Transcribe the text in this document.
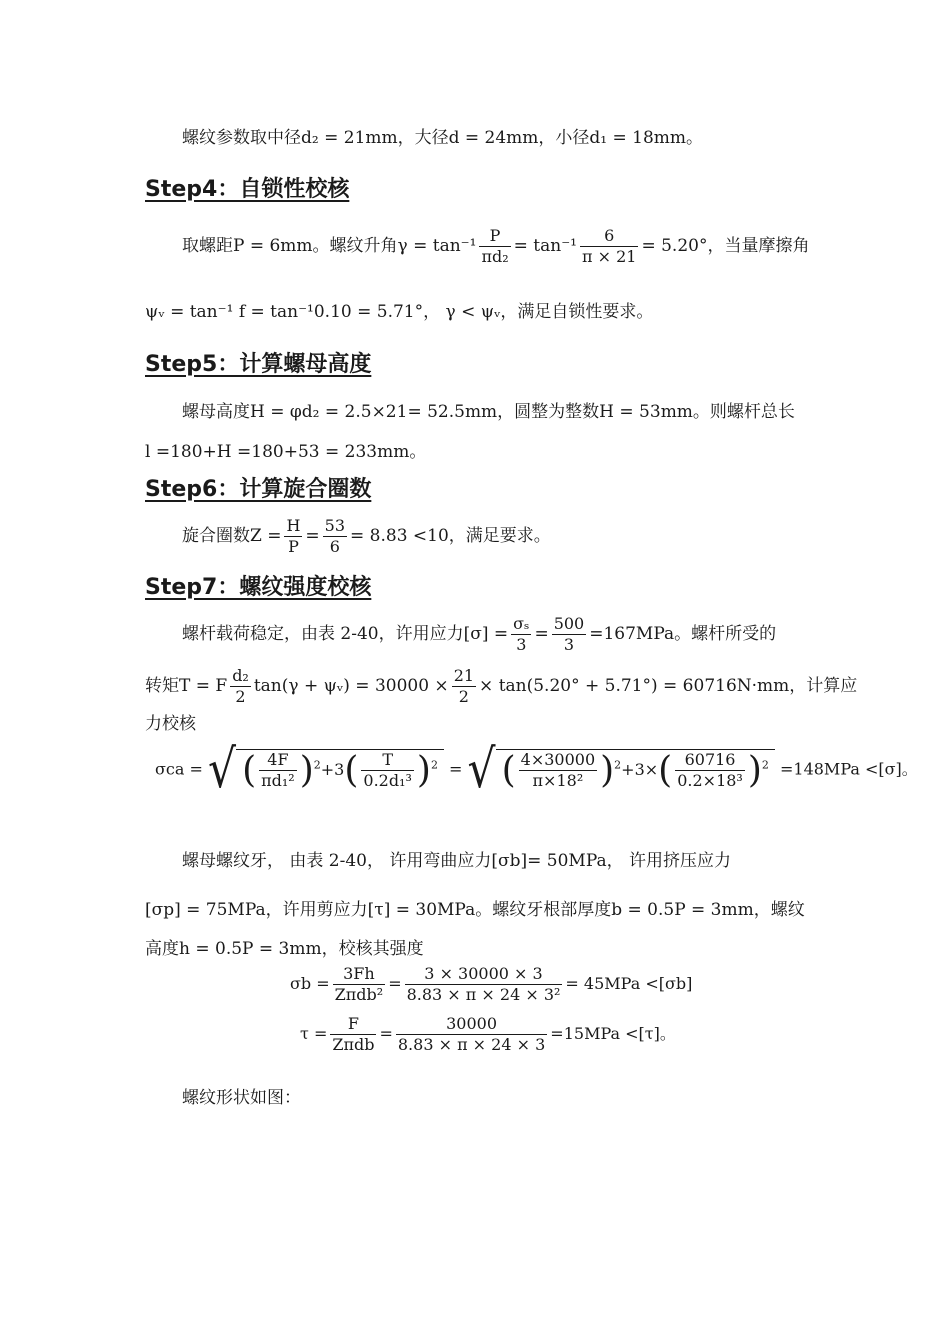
螺纹参数取中径d₂ = 21mm，大径d = 24mm，小径d₁ = 18mm。
Step4：自锁性校核
取螺距P = 6mm。螺纹升角$\gamma = \tan^{-1} \frac{P}{\text{πd₂}} = \tan^{-1} \frac{6}{\pi \times 21} = 5.20^\circ$，当量摩擦角
ψᵥ = tan⁻¹ f = tan⁻¹0.10 = 5.71°， γ < ψᵥ，满足自锁性要求。
Step5：计算螺母高度
螺母高度H = φd₂ = 2.5×21= 52.5mm，圆整为整数H = 53mm。则螺杆总长
l =180+H =180+53 = 233mm。
Step6：计算旋合圈数
旋合圈数$Z = \frac{H}{P} = \frac{53}{6} = 8.83 <10$，满足要求。
Step7：螺纹强度校核
螺杆载荷稳定，由表 2-40，许用应力$[\sigma] = \frac{\text{σₛ}}{3} = \frac{500}{3} =167MPa$。螺杆所受的
转矩T = F $\frac{\text{d₂}}{2} \tan(\gamma$ + ψᵥ) = $30000 \times \frac{21}{2} \times \tan(5.20^\circ + 5.71^\circ) = 60716N\cdot mm$，计算应
力校核
σca = √ ( $\frac{4F}{\text{πd₁²}} )^2+3( \frac{T}{\text{0.2d₁³}} )^2$ = √ ( $\frac{4\times 30000}{\text{π×18²}} )^2+3\times( \frac{60716}{\text{0.2×18³}} )^2 =148MPa <[\sigma]$。
螺母螺纹牙， 由表 2-40， 许用弯曲应力[σb]= 50MPa， 许用挤压应力
[σp] = 75MPa，许用剪应力[τ] = 30MPa。螺纹牙根部厚度b = 0.5P = 3mm，螺纹
高度h = 0.5P = 3mm，校核其强度
$\sigma b = \frac{3Fh}{\text{Zπdb²}} = \frac{3 \times 30000 \times 3}{\text{8.83 × π × 24 × 3²}} = 45MPa <[\sigma b]$
$\tau = \frac{F}{\text{Zπdb}} = \frac{30000}{8.83 \times \pi \times 24 \times 3} =15MPa <[\tau]$。
螺纹形状如图：
